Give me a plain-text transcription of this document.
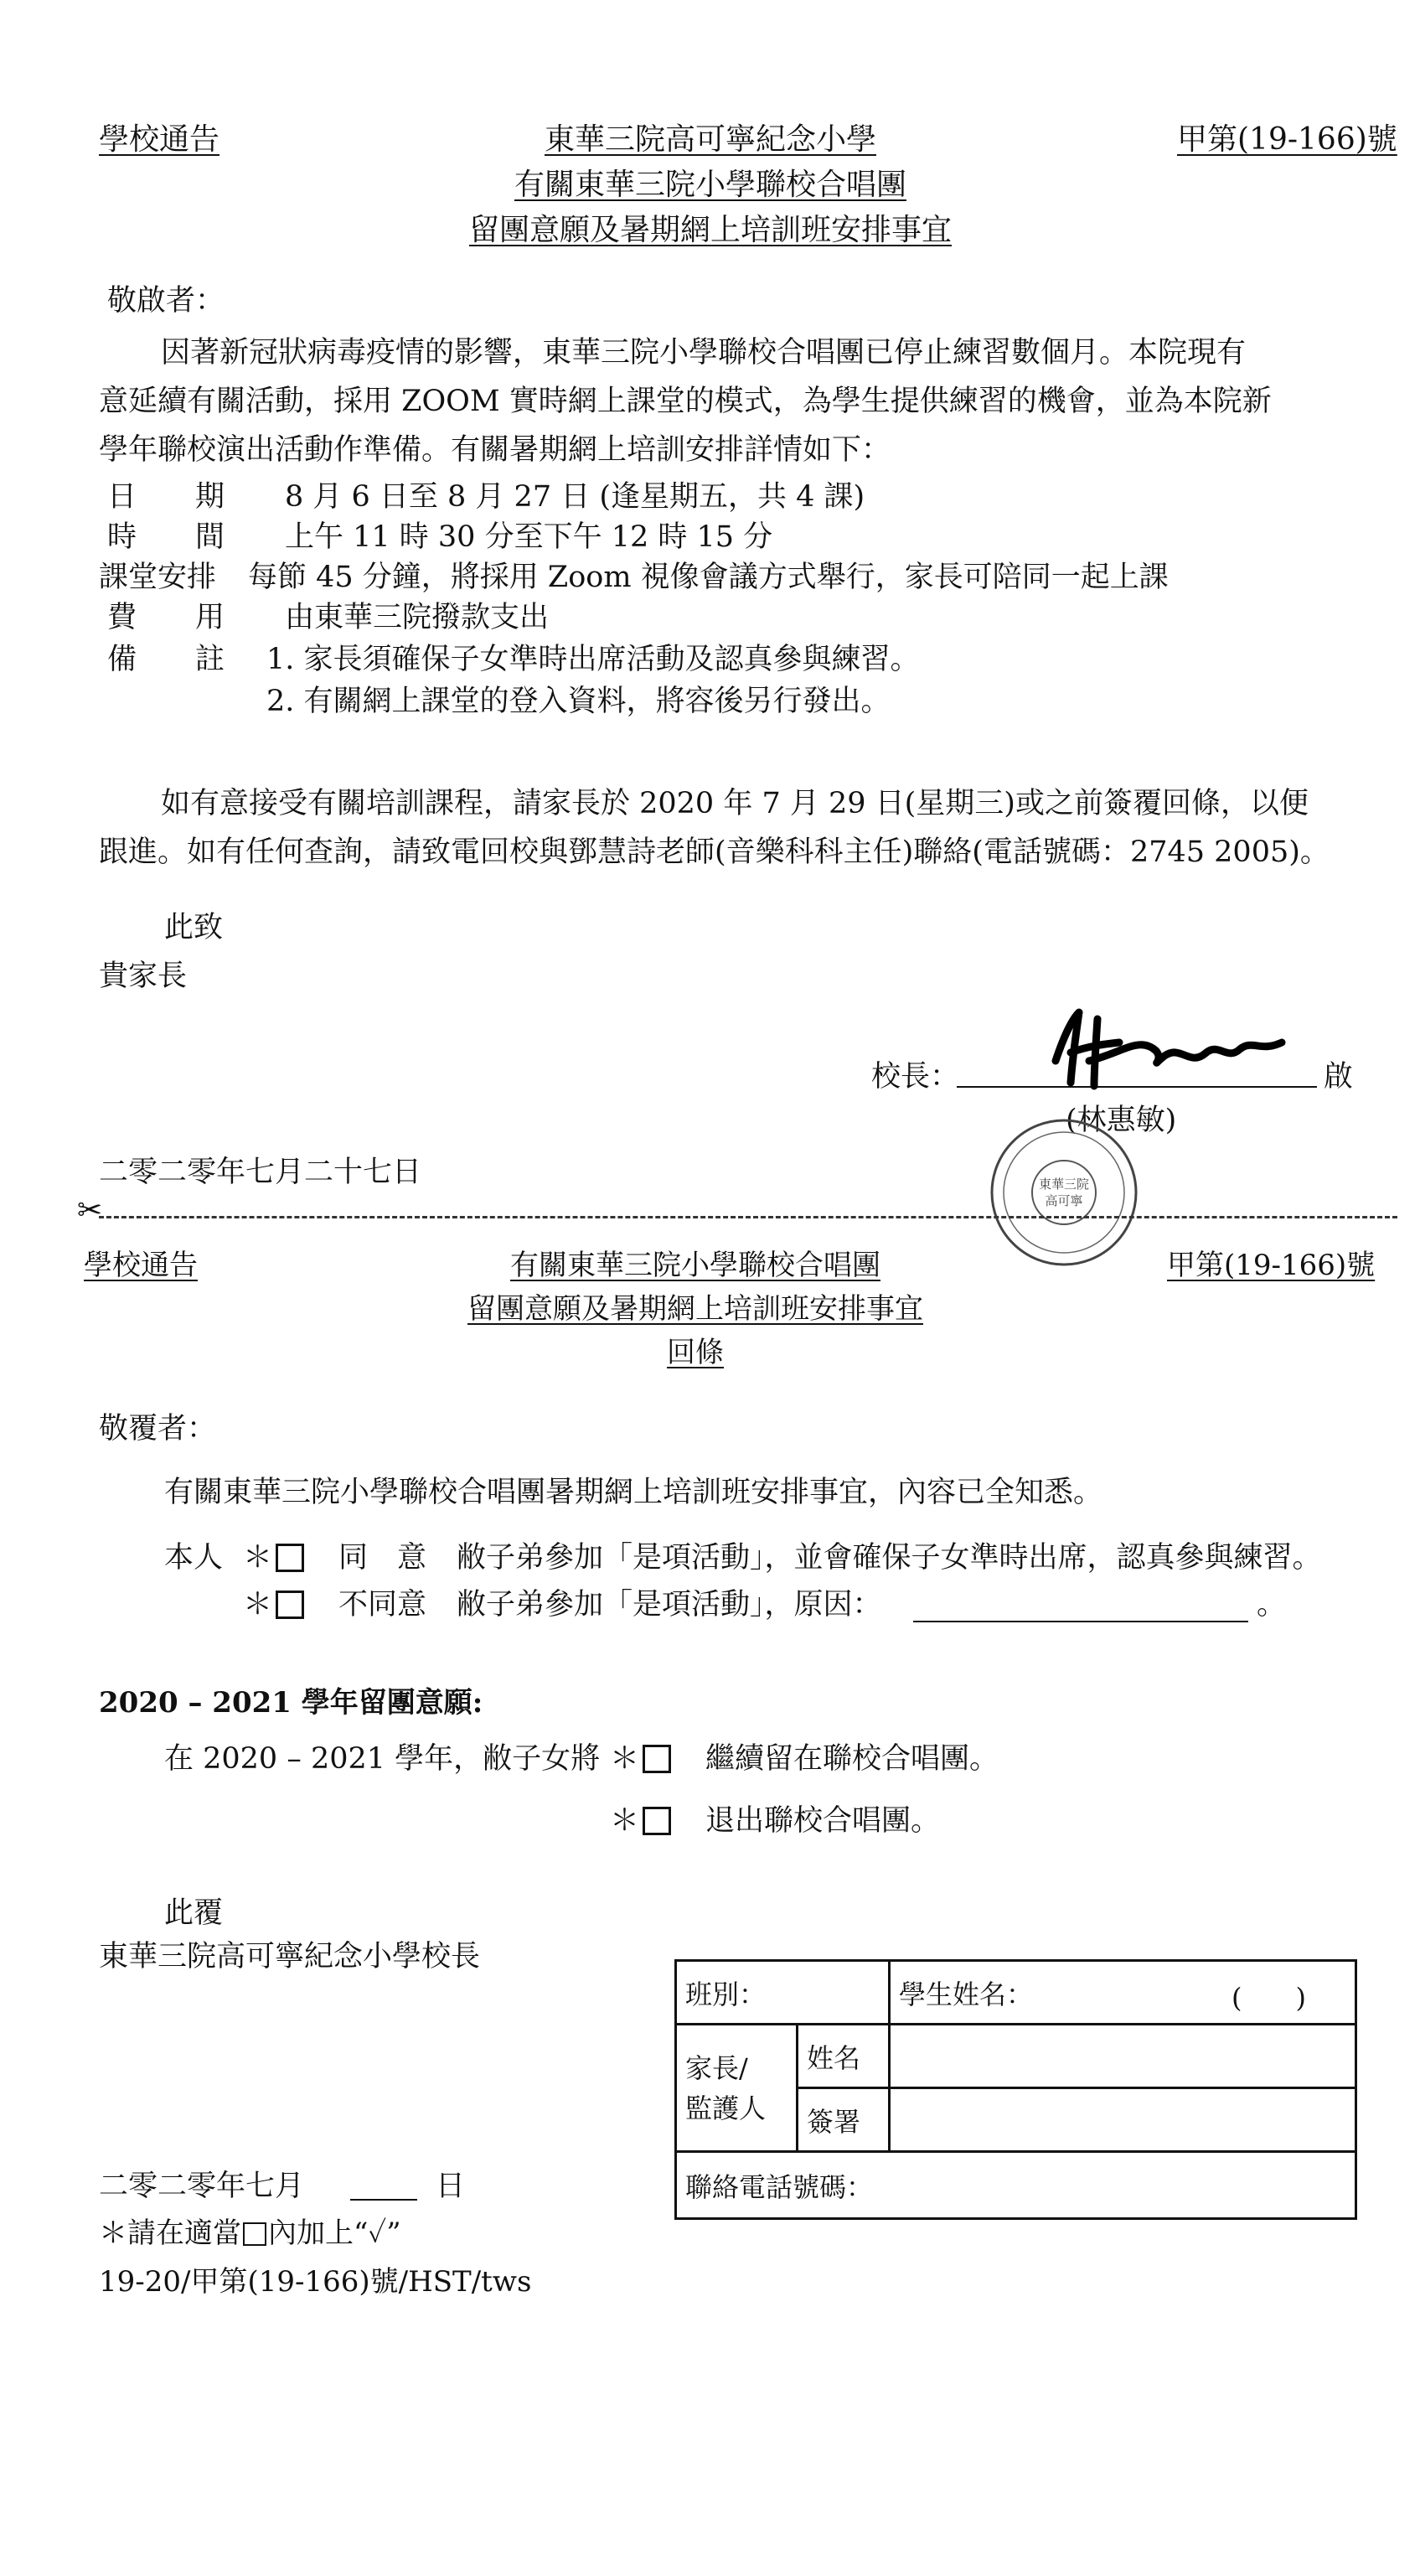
學校通告	東華三院高可寧紀念小學	甲第(19-166)號
有關東華三院小學聯校合唱團
留團意願及暑期網上培訓班安排事宜
敬啟者：
因著新冠狀病毒疫情的影響，東華三院小學聯校合唱團已停止練習數個月。本院現有
意延續有關活動，採用 ZOOM 實時網上課堂的模式，為學生提供練習的機會，並為本院新
學年聯校演出活動作準備。有關暑期網上培訓安排詳情如下：
日　　期 8 月 6 日至 8 月 27 日 (逢星期五，共 4 課)
時　　間 上午 11 時 30 分至下午 12 時 15 分
課堂安排 每節 45 分鐘，將採用 Zoom 視像會議方式舉行，家長可陪同一起上課
費　　用 由東華三院撥款支出
備　　註 1. 家長須確保子女準時出席活動及認真參與練習。
2. 有關網上課堂的登入資料，將容後另行發出。
如有意接受有關培訓課程，請家長於 2020 年 7 月 29 日(星期三)或之前簽覆回條，以便
跟進。如有任何查詢，請致電回校與鄧慧詩老師(音樂科科主任)聯絡(電話號碼：2745 2005)。
此致
貴家長
校長：	啟
(林惠敏)
東華三院
高可寧
二零二零年七月二十七日
✂
學校通告	有關東華三院小學聯校合唱團	甲第(19-166)號
留團意願及暑期網上培訓班安排事宜
回條
敬覆者：
有關東華三院小學聯校合唱團暑期網上培訓班安排事宜，內容已全知悉。
本人 ＊	同　意 敝子弟參加「是項活動」，並會確保子女準時出席，認真參與練習。
＊	不同意 敝子弟參加「是項活動」，原因：	。
2020 – 2021 學年留團意願:
在 2020 – 2021 學年，敝子女將 ＊	繼續留在聯校合唱團。
＊	退出聯校合唱團。
此覆
東華三院高可寧紀念小學校長
班別：		學生姓名： (　　)

家長/
監護人	姓名	
	簽署	
聯絡電話號碼：		
二零二零年七月	日
＊請在適當 內加上“✓”
19-20/甲第(19-166)號/HST/tws
